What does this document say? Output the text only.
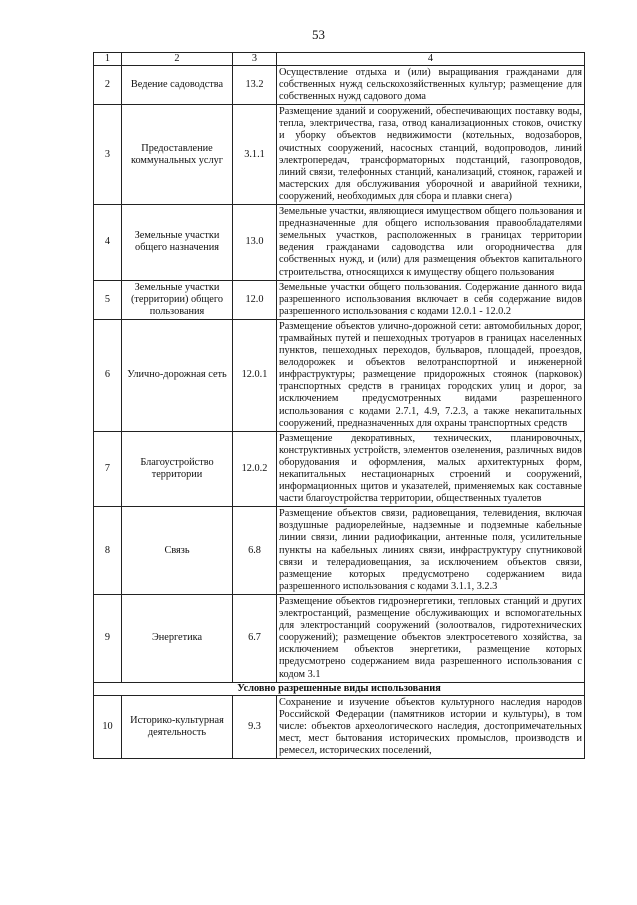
53
1	2	3	4
2	Ведение садоводства	13.2	Осуществление отдыха и (или) выращивания гражданами для собственных нужд сельскохозяйственных культур; размещение для собственных нужд садового дома
3	Предоставление коммунальных услуг	3.1.1	Размещение зданий и сооружений, обеспечивающих поставку воды, тепла, электричества, газа, отвод канализационных стоков, очистку и уборку объектов недвижимости (котельных, водозаборов, очистных сооружений, насосных станций, водопроводов, линий электропередач, трансформаторных подстанций, газопроводов, линий связи, телефонных станций, канализаций, стоянок, гаражей и мастерских для обслуживания уборочной и аварийной техники, сооружений, необходимых для сбора и плавки снега)
4	Земельные участки общего назначения	13.0	Земельные участки, являющиеся имуществом общего пользования и предназначенные для общего использования правообладателями земельных участков, расположенных в границах территории ведения гражданами садоводства или огородничества для собственных нужд, и (или) для размещения объектов капитального строительства, относящихся к имуществу общего пользования
5	Земельные участки (территории) общего пользования	12.0	Земельные участки общего пользования. Содержание данного вида разрешенного использования включает в себя содержание видов разрешенного использования с кодами 12.0.1 - 12.0.2
6	Улично-дорожная сеть	12.0.1	Размещение объектов улично-дорожной сети: автомобильных дорог, трамвайных путей и пешеходных тротуаров в границах населенных пунктов, пешеходных переходов, бульваров, площадей, проездов, велодорожек и объектов велотранспортной и инженерной инфраструктуры; размещение придорожных стоянок (парковок) транспортных средств в границах городских улиц и дорог, за исключением предусмотренных видами разрешенного использования с кодами 2.7.1, 4.9, 7.2.3, а также некапитальных сооружений, предназначенных для охраны транспортных средств
7	Благоустройство территории	12.0.2	Размещение декоративных, технических, планировочных, конструктивных устройств, элементов озеленения, различных видов оборудования и оформления, малых архитектурных форм, некапитальных нестационарных строений и сооружений, информационных щитов и указателей, применяемых как составные части благоустройства территории, общественных туалетов
8	Связь	6.8	Размещение объектов связи, радиовещания, телевидения, включая воздушные радиорелейные, надземные и подземные кабельные линии связи, линии радиофикации, антенные поля, усилительные пункты на кабельных линиях связи, инфраструктуру спутниковой связи и телерадиовещания, за исключением объектов связи, размещение которых предусмотрено содержанием вида разрешенного использования с кодами 3.1.1, 3.2.3
9	Энергетика	6.7	Размещение объектов гидроэнергетики, тепловых станций и других электростанций, размещение обслуживающих и вспомогательных для электростанций сооружений (золоотвалов, гидротехнических сооружений); размещение объектов электросетевого хозяйства, за исключением объектов энергетики, размещение которых предусмотрено содержанием вида разрешенного использования с кодом 3.1
Условно разрешенные виды использования			
10	Историко-культурная деятельность	9.3	Сохранение и изучение объектов культурного наследия народов Российской Федерации (памятников истории и культуры), в том числе: объектов археологического наследия, достопримечательных мест, мест бытования исторических промыслов, производств и ремесел, исторических поселений,
